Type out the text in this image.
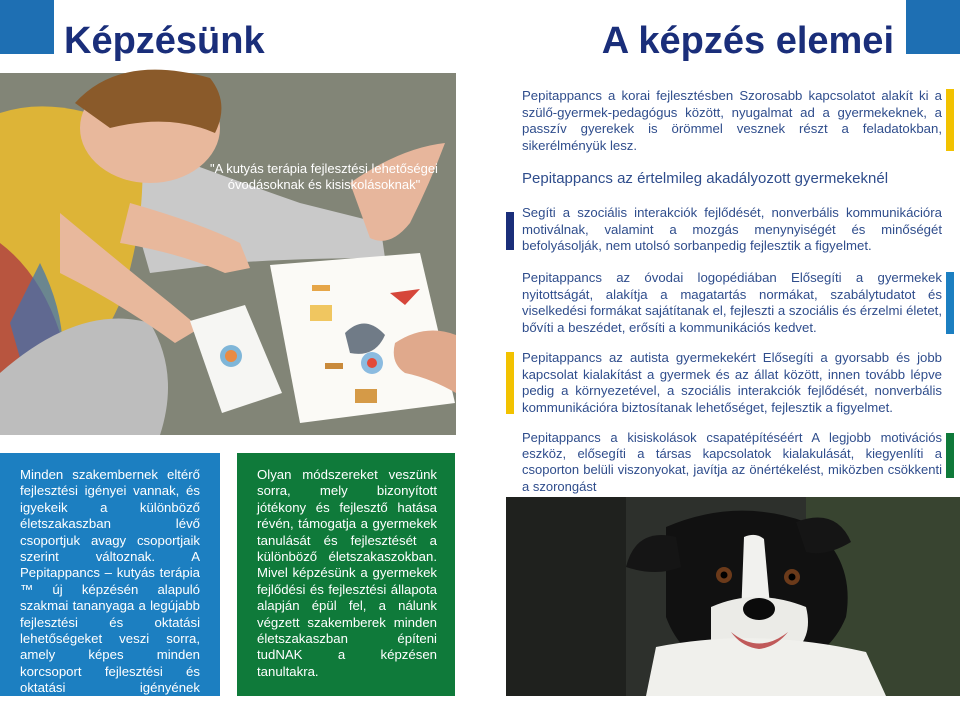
Képzésünk	A képzés elemei

"A kutyás terápia fejlesztési lehetőségei óvodásoknak és kisiskolásoknak"

Minden szakembernek eltérő fejlesztési igényei vannak, és igyekeik a különböző életszakaszban lévő csoportjuk avagy csoportjaik szerint változnak. A Pepitappancs – kutyás terápia ™ új képzésén alapuló szakmai tananyaga a legújabb fejlesztési és oktatási lehetőségeket veszi sorra, amely képes minden korcsoport fejlesztési és oktatási igényének kielégítésére.

Olyan módszereket veszünk sorra, mely bizonyított jótékony és fejlesztő hatása révén, támogatja a gyermekek tanulását és fejlesztését a különböző életszakaszokban. Mivel képzésünk a gyermekek fejlődési és fejlesztési állapota alapján épül fel, a nálunk végzett szakemberek minden életszakaszban építeni tudNAK a képzésen tanultakra.

Pepitappancs a korai fejlesztésben Szorosabb kapcsolatot alakít ki a szülő-gyermek-pedagógus között, nyugalmat ad a gyermekeknek, a passzív gyerekek is örömmel vesznek részt a feladatokban, sikerélményük lesz.

Pepitappancs az értelmileg akadályozott gyermekeknél

Segíti a szociális interakciók fejlődését, nonverbális kommunikációra motiválnak, valamint a mozgás menynyiségét és minőségét befolyásolják, nem utolsó sorbanpedig fejlesztik a figyelmet.

Pepitappancs az óvodai logopédiában Elősegíti a gyermekek nyitottságát, alakítja a magatartás normákat, szabálytudatot és viselkedési formákat sajátítanak el, fejleszti a szociális és érzelmi életet, bővíti a beszédet, erősíti a kommunikációs kedvet.

Pepitappancs az autista gyermekekért Elősegíti a gyorsabb és jobb kapcsolat kialakítást a gyermek és az állat között, innen tovább lépve pedig a környezetével, a szociális interakciók fejlődését, nonverbális kommunikációra biztosítanak lehetőséget, fejlesztik a figyelmet.

Pepitappancs a kisiskolások csapatépítéséért A legjobb motivációs eszköz, elősegíti a társas kapcsolatok kialakulását, kiegyenlíti a csoporton belüli viszonyokat, javítja az önértékelést, miközben csökkenti a szorongást
